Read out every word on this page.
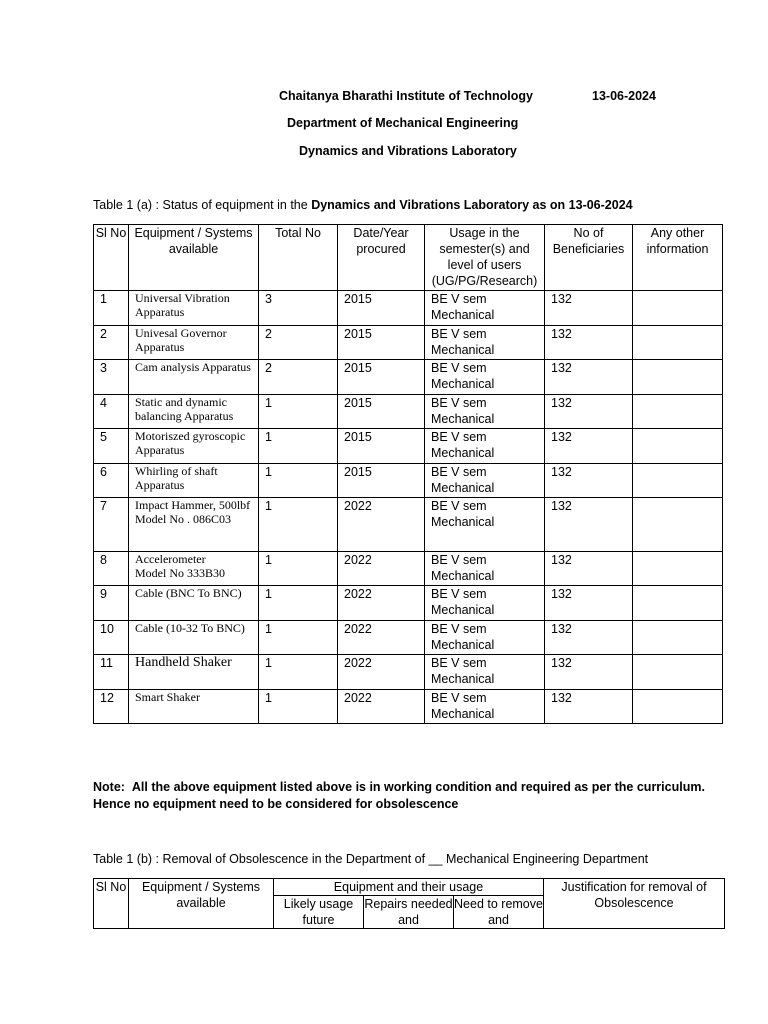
Chaitanya Bharathi Institute of Technology	13-06-2024
Department of Mechanical Engineering
Dynamics and Vibrations Laboratory
Table 1 (a) : Status of equipment in the Dynamics and Vibrations Laboratory as on 13-06-2024
Sl No	Equipment / Systems available	Total No	Date/Year procured	Usage in the semester(s) and level of users (UG/PG/Research)	No of Beneficiaries	Any other information
1	Universal Vibration Apparatus	3	2015	BE V sem Mechanical	132	
2	Univesal Governor Apparatus	2	2015	BE V sem Mechanical	132	
3	Cam analysis Apparatus	2	2015	BE V sem Mechanical	132	
4	Static and dynamic balancing Apparatus	1	2015	BE V sem Mechanical	132	
5	Motoriszed gyroscopic Apparatus	1	2015	BE V sem Mechanical	132	
6	Whirling of shaft Apparatus	1	2015	BE V sem Mechanical	132	
7	Impact Hammer, 500lbf
Model No . 086C03	1	2022	BE V sem Mechanical	132	
8	Accelerometer
Model No 333B30	1	2022	BE V sem Mechanical	132	
9	Cable (BNC To BNC)	1	2022	BE V sem Mechanical	132	
10	Cable (10-32 To BNC)	1	2022	BE V sem Mechanical	132	
11	Handheld Shaker	1	2022	BE V sem Mechanical	132	
12	Smart Shaker	1	2022	BE V sem Mechanical	132	
Note: All the above equipment listed above is in working condition and required as per the curriculum.
Hence no equipment need to be considered for obsolescence
Table 1 (b) : Removal of Obsolescence in the Department of __ Mechanical Engineering Department
Sl No	Equipment / Systems available	Equipment and their usage			Justification for removal of Obsolescence
		Likely usage future	Repairs needed and	Need to remove and	
